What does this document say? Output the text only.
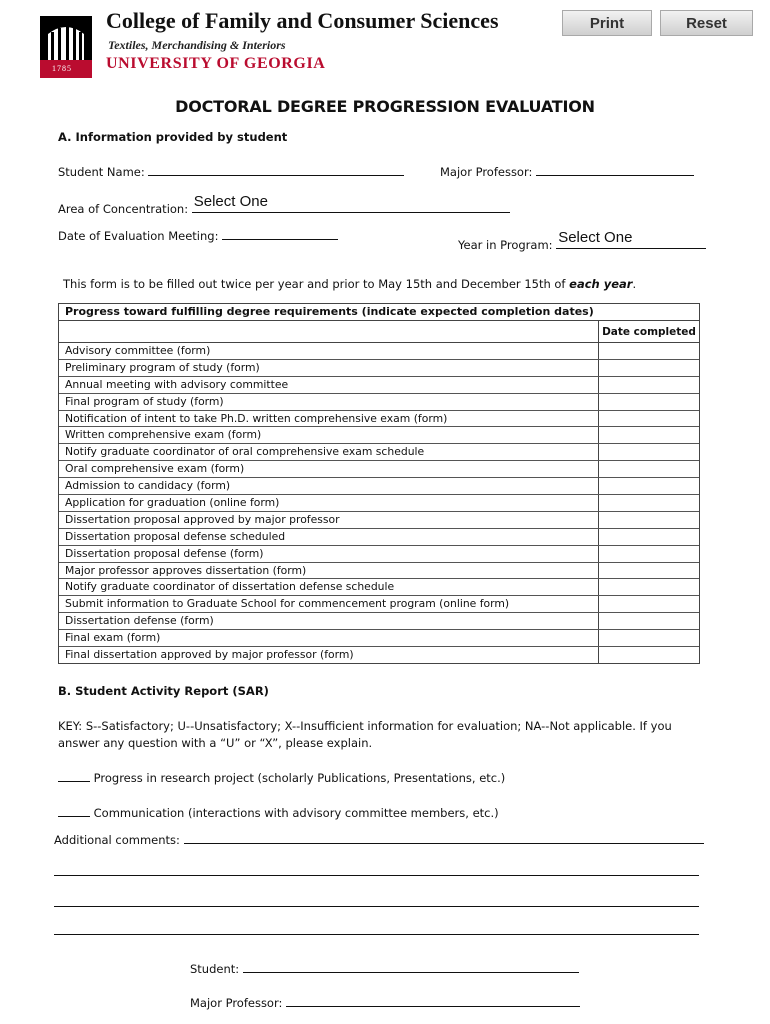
1785
College of Family and Consumer Sciences
Textiles, Merchandising & Interiors
UNIVERSITY OF GEORGIA
Print	Reset
DOCTORAL DEGREE PROGRESSION EVALUATION
A. Information provided by student
Student Name:	Major Professor:
Area of Concentration: Select One
Date of Evaluation Meeting:
Year in Program: Select One
This form is to be filled out twice per year and prior to May 15th and December 15th of each year.
Progress toward fulfilling degree requirements (indicate expected completion dates)
Date completed
Advisory committee (form)
Preliminary program of study (form)
Annual meeting with advisory committee
Final program of study (form)
Notification of intent to take Ph.D. written comprehensive exam (form)
Written comprehensive exam (form)
Notify graduate coordinator of oral comprehensive exam schedule
Oral comprehensive exam (form)
Admission to candidacy (form)
Application for graduation (online form)
Dissertation proposal approved by major professor
Dissertation proposal defense scheduled
Dissertation proposal defense (form)
Major professor approves dissertation (form)
Notify graduate coordinator of dissertation defense schedule
Submit information to Graduate School for commencement program (online form)
Dissertation defense (form)
Final exam (form)
Final dissertation approved by major professor (form)
B. Student Activity Report (SAR)
KEY: S--Satisfactory; U--Unsatisfactory; X--Insufficient information for evaluation; NA--Not applicable. If you answer any question with a “U” or “X”, please explain.
Progress in research project (scholarly Publications, Presentations, etc.)
Communication (interactions with advisory committee members, etc.)
Additional comments:
Student:
Major Professor:
